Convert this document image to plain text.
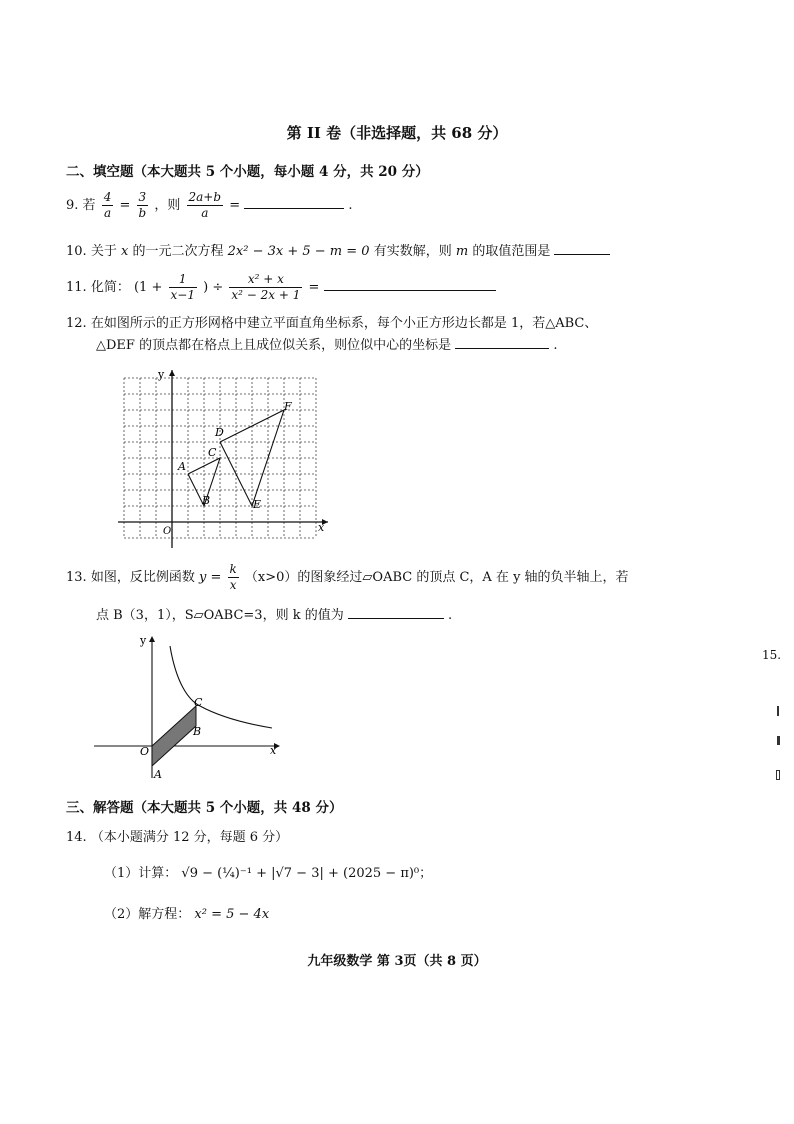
第 II 卷（非选择题，共 68 分）
二、填空题（本大题共 5 个小题，每小题 4 分，共 20 分）
9. 若 $\frac{4}{a} = \frac{3}{b}$ ，则 $\frac{2a+b}{a}$ =	.
10. 关于 x 的一元二次方程 2x² − 3x + 5 − m = 0 有实数解，则 m 的取值范围是
11. 化简： ($1 + \frac{1}{x-1}$ ) ÷ $\frac{\text{x² + x}}{\text{x² − 2x + 1}}$ =
12. 在如图所示的正方形网格中建立平面直角坐标系，每个小正方形边长都是 1，若△ABC、
△DEF 的顶点都在格点上且成位似关系，则位似中心的坐标是	.
x
y
O
A
B
C
D
E
F
13. 如图，反比例函数 $y = \frac{k}{x} (x>0)$的图象经过▱OABC 的顶点 C，A 在 y 轴的负半轴上，若
点 B（3，1），S▱OABC=3，则 k 的值为	.
O
A
B
C
x
y
三、解答题（本大题共 5 个小题，共 48 分）
14. （本小题满分 12 分，每题 6 分）
（1）计算： √9 − (¼)⁻¹ + |√7 − 3| + (2025 − π)⁰；
（2）解方程： x² = 5 − 4x
15.
九年级数学 第 3页（共 8 页）
